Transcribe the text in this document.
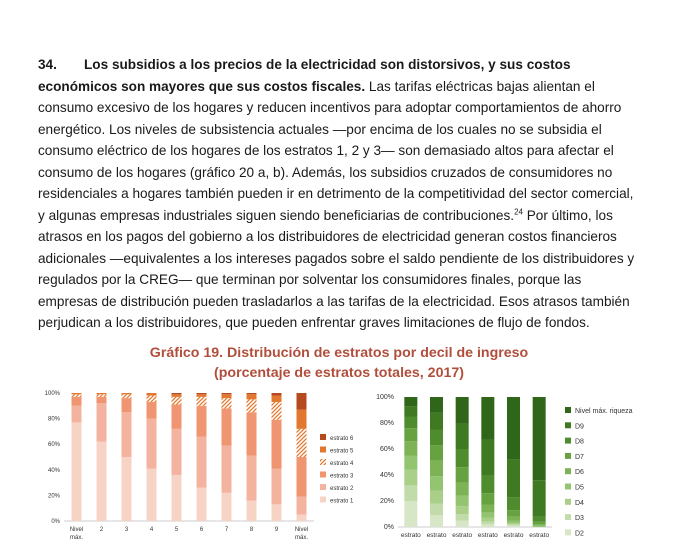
34. Los subsidios a los precios de la electricidad son distorsivos, y sus costos
económicos son mayores que sus costos fiscales. Las tarifas eléctricas bajas alientan el consumo excesivo de los hogares y reducen incentivos para adoptar comportamientos de ahorro energético. Los niveles de subsistencia actuales —por encima de los cuales no se subsidia el consumo eléctrico de los hogares de los estratos 1, 2 y 3— son demasiado altos para afectar el consumo de los hogares (gráfico 20 a, b). Además, los subsidios cruzados de consumidores no residenciales a hogares también pueden ir en detrimento de la competitividad del sector comercial, y algunas empresas industriales siguen siendo beneficiarias de contribuciones.$^{24}$ Por último, los atrasos en los pagos del gobierno a los distribuidores de electricidad generan costos financieros adicionales —equivalentes a los intereses pagados sobre el saldo pendiente de los distribuidores y regulados por la CREG— que terminan por solventar los consumidores finales, porque las empresas de distribución pueden trasladarlos a las tarifas de la electricidad. Esos atrasos también perjudican a los distribuidores, que pueden enfrentar graves limitaciones de flujo de fondos.
Gráfico 19. Distribución de estratos por decil de ingreso
(porcentaje de estratos totales, 2017)
0%
20%
40%
60%
80%
100%
Nivel máx.
2	3	4	5	6	7	8	9	Nivel máx.
estrato 1
estrato 2
estrato 3
estrato 4
estrato 5
estrato 6
0%
20%
40%
60%
80%
100%
estrato estrato estrato estrato estrato estrato	D2
D3
D4
D5
D6
D7
D8
D9
Nivel máx. riqueza
